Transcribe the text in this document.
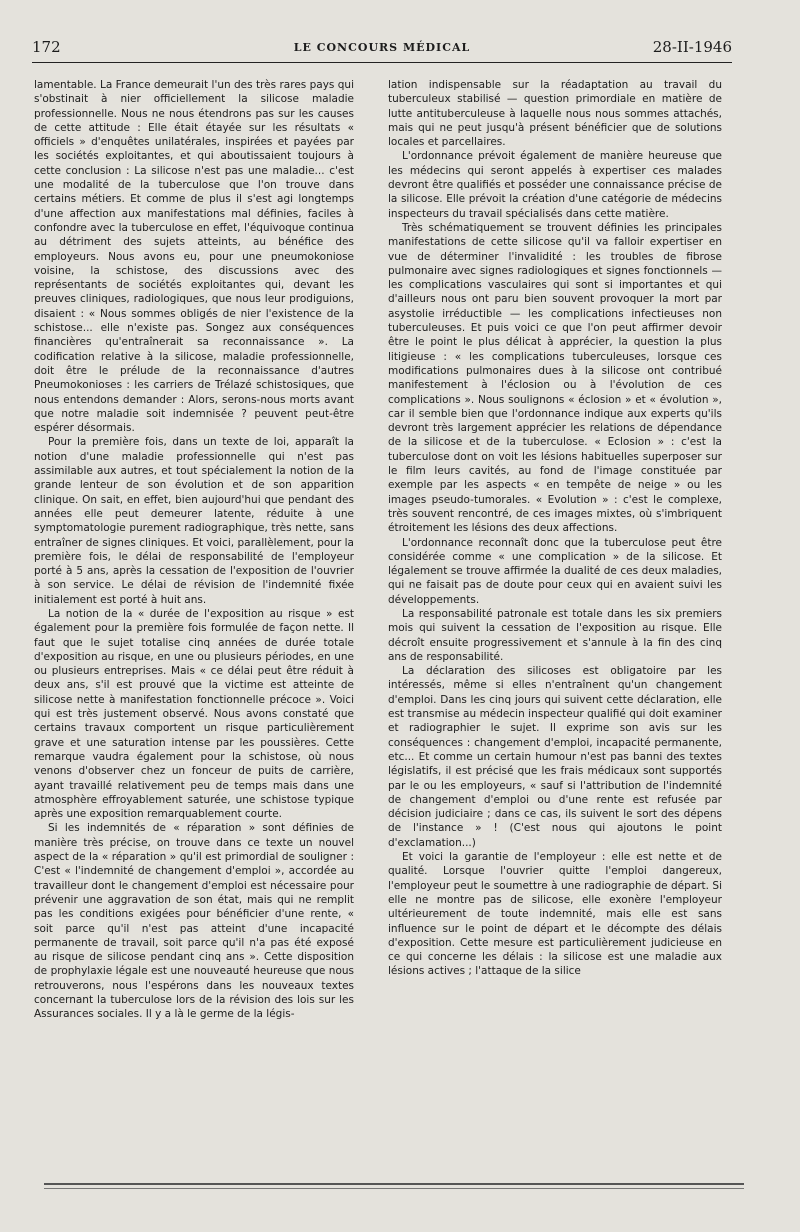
172	LE CONCOURS MÉDICAL	28-II-1946

lamentable. La France demeurait l'un des très rares pays qui s'obstinait à nier officiellement la silicose maladie professionnelle. Nous ne nous étendrons pas sur les causes de cette attitude : Elle était étayée sur les résultats « officiels » d'enquêtes unilatérales, inspirées et payées par les sociétés exploitantes, et qui aboutissaient toujours à cette conclusion : La silicose n'est pas une maladie... c'est une modalité de la tuberculose que l'on trouve dans certains métiers. Et comme de plus il s'est agi longtemps d'une affection aux manifestations mal définies, faciles à confondre avec la tuberculose en effet, l'équivoque continua au détriment des sujets atteints, au bénéfice des employeurs. Nous avons eu, pour une pneumokoniose voisine, la schistose, des discussions avec des représentants de sociétés exploitantes qui, devant les preuves cliniques, radiologiques, que nous leur prodiguions, disaient : « Nous sommes obligés de nier l'existence de la schistose... elle n'existe pas. Songez aux conséquences financières qu'entraînerait sa reconnaissance ». La codification relative à la silicose, maladie professionnelle, doit être le prélude de la reconnaissance d'autres Pneumokonioses : les carriers de Trélazé schistosiques, que nous entendons demander : Alors, serons-nous morts avant que notre maladie soit indemnisée ? peuvent peut-être espérer désormais.

Pour la première fois, dans un texte de loi, apparaît la notion d'une maladie professionnelle qui n'est pas assimilable aux autres, et tout spécialement la notion de la grande lenteur de son évolution et de son apparition clinique. On sait, en effet, bien aujourd'hui que pendant des années elle peut demeurer latente, réduite à une symptomatologie purement radiographique, très nette, sans entraîner de signes cliniques. Et voici, parallèlement, pour la première fois, le délai de responsabilité de l'employeur porté à 5 ans, après la cessation de l'exposition de l'ouvrier à son service. Le délai de révision de l'indemnité fixée initialement est porté à huit ans.

La notion de la « durée de l'exposition au risque » est également pour la première fois formulée de façon nette. Il faut que le sujet totalise cinq années de durée totale d'exposition au risque, en une ou plusieurs périodes, en une ou plusieurs entreprises. Mais « ce délai peut être réduit à deux ans, s'il est prouvé que la victime est atteinte de silicose nette à manifestation fonctionnelle précoce ». Voici qui est très justement observé. Nous avons constaté que certains travaux comportent un risque particulièrement grave et une saturation intense par les poussières. Cette remarque vaudra également pour la schistose, où nous venons d'observer chez un fonceur de puits de carrière, ayant travaillé relativement peu de temps mais dans une atmosphère effroyablement saturée, une schistose typique après une exposition remarquablement courte.

Si les indemnités de « réparation » sont définies de manière très précise, on trouve dans ce texte un nouvel aspect de la « réparation » qu'il est primordial de souligner : C'est « l'indemnité de changement d'emploi », accordée au travailleur dont le changement d'emploi est nécessaire pour prévenir une aggravation de son état, mais qui ne remplit pas les conditions exigées pour bénéficier d'une rente, « soit parce qu'il n'est pas atteint d'une incapacité permanente de travail, soit parce qu'il n'a pas été exposé au risque de silicose pendant cinq ans ». Cette disposition de prophylaxie légale est une nouveauté heureuse que nous retrouverons, nous l'espérons dans les nouveaux textes concernant la tuberculose lors de la révision des lois sur les Assurances sociales. Il y a là le germe de la légis-

lation indispensable sur la réadaptation au travail du tuberculeux stabilisé — question primordiale en matière de lutte antituberculeuse à laquelle nous nous sommes attachés, mais qui ne peut jusqu'à présent bénéficier que de solutions locales et parcellaires.

L'ordonnance prévoit également de manière heureuse que les médecins qui seront appelés à expertiser ces malades devront être qualifiés et posséder une connaissance précise de la silicose. Elle prévoit la création d'une catégorie de médecins inspecteurs du travail spécialisés dans cette matière.

Très schématiquement se trouvent définies les principales manifestations de cette silicose qu'il va falloir expertiser en vue de déterminer l'invalidité : les troubles de fibrose pulmonaire avec signes radiologiques et signes fonctionnels — les complications vasculaires qui sont si importantes et qui d'ailleurs nous ont paru bien souvent provoquer la mort par asystolie irréductible — les complications infectieuses non tuberculeuses. Et puis voici ce que l'on peut affirmer devoir être le point le plus délicat à apprécier, la question la plus litigieuse : « les complications tuberculeuses, lorsque ces modifications pulmonaires dues à la silicose ont contribué manifestement à l'éclosion ou à l'évolution de ces complications ». Nous soulignons « éclosion » et « évolution », car il semble bien que l'ordonnance indique aux experts qu'ils devront très largement apprécier les relations de dépendance de la silicose et de la tuberculose. « Eclosion » : c'est la tuberculose dont on voit les lésions habituelles superposer sur le film leurs cavités, au fond de l'image constituée par exemple par les aspects « en tempête de neige » ou les images pseudo-tumorales. « Evolution » : c'est le complexe, très souvent rencontré, de ces images mixtes, où s'imbriquent étroitement les lésions des deux affections.

L'ordonnance reconnaît donc que la tuberculose peut être considérée comme « une complication » de la silicose. Et légalement se trouve affirmée la dualité de ces deux maladies, qui ne faisait pas de doute pour ceux qui en avaient suivi les développements.

La responsabilité patronale est totale dans les six premiers mois qui suivent la cessation de l'exposition au risque. Elle décroît ensuite progressivement et s'annule à la fin des cinq ans de responsabilité.

La déclaration des silicoses est obligatoire par les intéressés, même si elles n'entraînent qu'un changement d'emploi. Dans les cinq jours qui suivent cette déclaration, elle est transmise au médecin inspecteur qualifié qui doit examiner et radiographier le sujet. Il exprime son avis sur les conséquences : changement d'emploi, incapacité permanente, etc... Et comme un certain humour n'est pas banni des textes législatifs, il est précisé que les frais médicaux sont supportés par le ou les employeurs, « sauf si l'attribution de l'indemnité de changement d'emploi ou d'une rente est refusée par décision judiciaire ; dans ce cas, ils suivent le sort des dépens de l'instance » ! (C'est nous qui ajoutons le point d'exclamation...)

Et voici la garantie de l'employeur : elle est nette et de qualité. Lorsque l'ouvrier quitte l'emploi dangereux, l'employeur peut le soumettre à une radiographie de départ. Si elle ne montre pas de silicose, elle exonère l'employeur ultérieurement de toute indemnité, mais elle est sans influence sur le point de départ et le décompte des délais d'exposition. Cette mesure est particulièrement judicieuse en ce qui concerne les délais : la silicose est une maladie aux lésions actives ; l'attaque de la silice
